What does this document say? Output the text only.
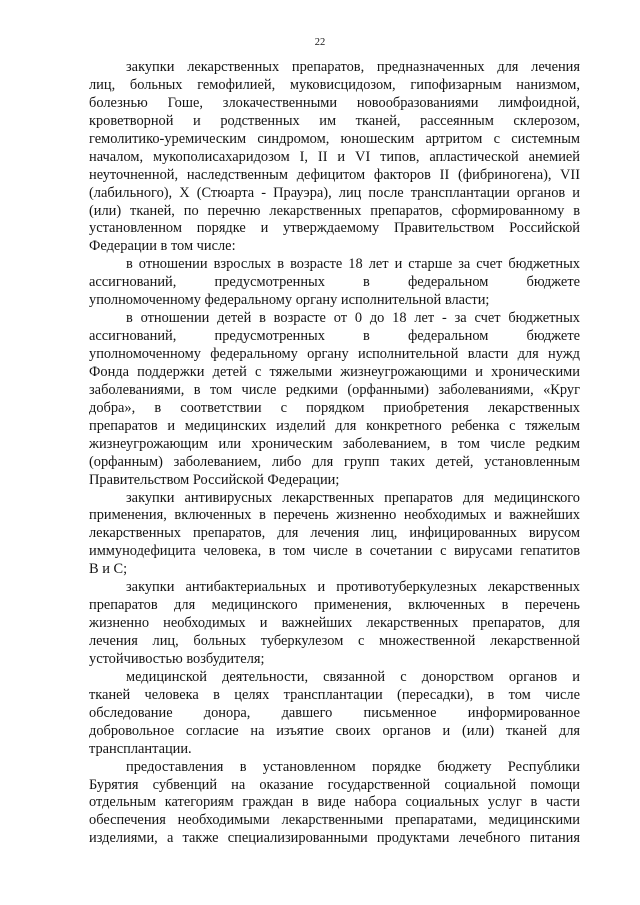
22
закупки лекарственных препаратов, предназначенных для лечения
лиц, больных гемофилией, муковисцидозом, гипофизарным нанизмом,
болезнью Гоше, злокачественными новообразованиями лимфоидной,
кроветворной и родственных им тканей, рассеянным склерозом,
гемолитико-уремическим синдромом, юношеским артритом с системным
началом, мукополисахаридозом I, II и VI типов, апластической анемией
неуточненной, наследственным дефицитом факторов II (фибриногена), VII
(лабильного), X (Стюарта - Прауэра), лиц после трансплантации органов и
(или) тканей, по перечню лекарственных препаратов, сформированному в
установленном порядке и утверждаемому Правительством Российской
Федерации в том числе:
в отношении взрослых в возрасте 18 лет и старше за счет бюджетных
ассигнований, предусмотренных в федеральном бюджете
уполномоченному федеральному органу исполнительной власти;
в отношении детей в возрасте от 0 до 18 лет - за счет бюджетных
ассигнований, предусмотренных в федеральном бюджете
уполномоченному федеральному органу исполнительной власти для нужд
Фонда поддержки детей с тяжелыми жизнеугрожающими и хроническими
заболеваниями, в том числе редкими (орфанными) заболеваниями, «Круг
добра», в соответствии с порядком приобретения лекарственных
препаратов и медицинских изделий для конкретного ребенка с тяжелым
жизнеугрожающим или хроническим заболеванием, в том числе редким
(орфанным) заболеванием, либо для групп таких детей, установленным
Правительством Российской Федерации;
закупки антивирусных лекарственных препаратов для медицинского
применения, включенных в перечень жизненно необходимых и важнейших
лекарственных препаратов, для лечения лиц, инфицированных вирусом
иммунодефицита человека, в том числе в сочетании с вирусами гепатитов
B и C;
закупки антибактериальных и противотуберкулезных лекарственных
препаратов для медицинского применения, включенных в перечень
жизненно необходимых и важнейших лекарственных препаратов, для
лечения лиц, больных туберкулезом с множественной лекарственной
устойчивостью возбудителя;
медицинской деятельности, связанной с донорством органов и
тканей человека в целях трансплантации (пересадки), в том числе
обследование донора, давшего письменное информированное
добровольное согласие на изъятие своих органов и (или) тканей для
трансплантации.
предоставления в установленном порядке бюджету Республики
Бурятия субвенций на оказание государственной социальной помощи
отдельным категориям граждан в виде набора социальных услуг в части
обеспечения необходимыми лекарственными препаратами, медицинскими
изделиями, а также специализированными продуктами лечебного питания
